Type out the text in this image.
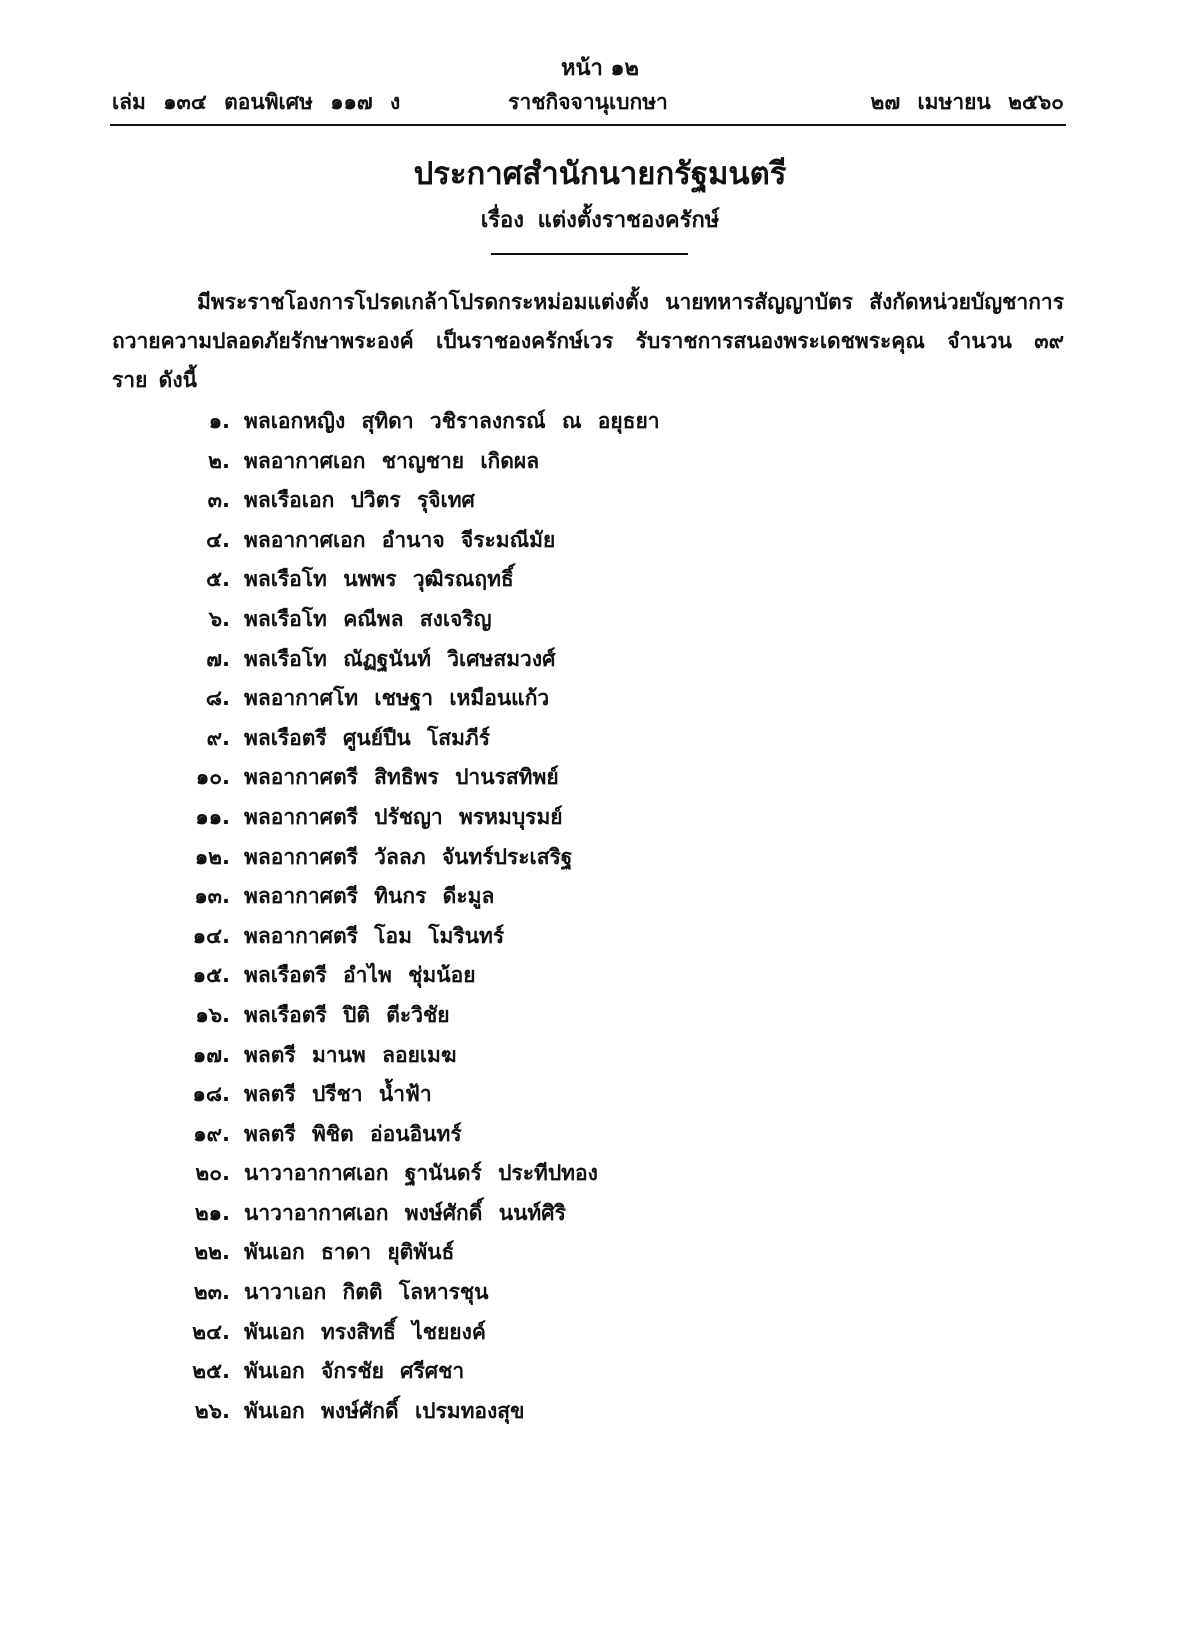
หน้า ๑๒
เล่ม ๑๓๔ ตอนพิเศษ ๑๑๗ ง	ราชกิจจานุเบกษา	๒๗ เมษายน ๒๕๖๐
ประกาศสำนักนายกรัฐมนตรี
เรื่อง แต่งตั้งราชองครักษ์

มีพระราชโองการโปรดเกล้าโปรดกระหม่อมแต่งตั้ง นายทหารสัญญาบัตร สังกัดหน่วยบัญชาการถวายความปลอดภัยรักษาพระองค์ เป็นราชองครักษ์เวร รับราชการสนองพระเดชพระคุณ จำนวน ๓๙ ราย ดังนี้

๑. พลเอกหญิง สุทิดา วชิราลงกรณ์ ณ อยุธยา
๒. พลอากาศเอก ชาญชาย เกิดผล
๓. พลเรือเอก ปวิตร รุจิเทศ
๔. พลอากาศเอก อำนาจ จีระมณีมัย
๕. พลเรือโท นพพร วุฒิรณฤทธิ์
๖. พลเรือโท คณีพล สงเจริญ
๗. พลเรือโท ณัฏฐนันท์ วิเศษสมวงศ์
๘. พลอากาศโท เชษฐา เหมือนแก้ว
๙. พลเรือตรี ศูนย์ปืน โสมภีร์
๑๐. พลอากาศตรี สิทธิพร ปานรสทิพย์
๑๑. พลอากาศตรี ปรัชญา พรหมบุรมย์
๑๒. พลอากาศตรี วัลลภ จันทร์ประเสริฐ
๑๓. พลอากาศตรี ทินกร ดีะมูล
๑๔. พลอากาศตรี โอม โมรินทร์
๑๕. พลเรือตรี อำไพ ชุ่มน้อย
๑๖. พลเรือตรี ปิติ ตีะวิชัย
๑๗. พลตรี มานพ ลอยเมฆ
๑๘. พลตรี ปรีชา น้ำฟ้า
๑๙. พลตรี พิชิต อ่อนอินทร์
๒๐. นาวาอากาศเอก ฐานันดร์ ประทีปทอง
๒๑. นาวาอากาศเอก พงษ์ศักดิ์ นนท์ศิริ
๒๒. พันเอก ธาดา ยุติพันธ์
๒๓. นาวาเอก กิตติ โลหารชุน
๒๔. พันเอก ทรงสิทธิ์ ไชยยงค์
๒๕. พันเอก จักรชัย ศรีศชา
๒๖. พันเอก พงษ์ศักดิ์ เปรมทองสุข
